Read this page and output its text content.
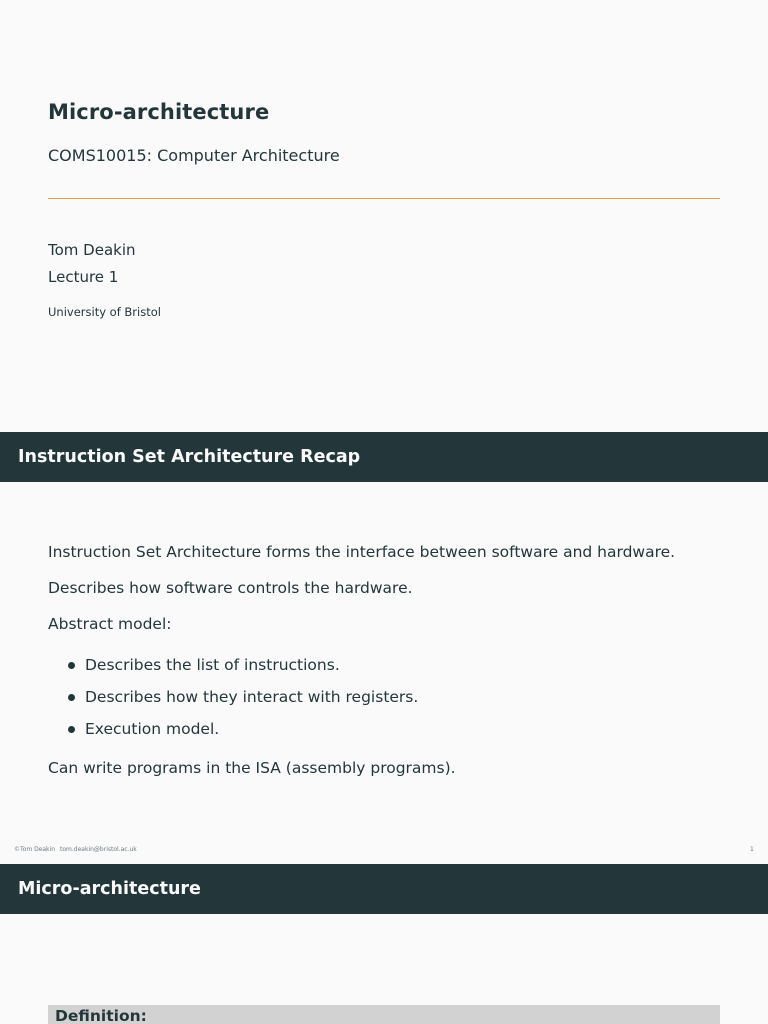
Micro-architecture
COMS10015: Computer Architecture
Tom Deakin
Lecture 1
University of Bristol
Instruction Set Architecture Recap
Instruction Set Architecture forms the interface between software and hardware.
Describes how software controls the hardware.
Abstract model:
Describes the list of instructions.
Describes how they interact with registers.
Execution model.
Can write programs in the ISA (assembly programs).
©Tom Deakin tom.deakin@bristol.ac.uk	1
Micro-architecture
Definition:
